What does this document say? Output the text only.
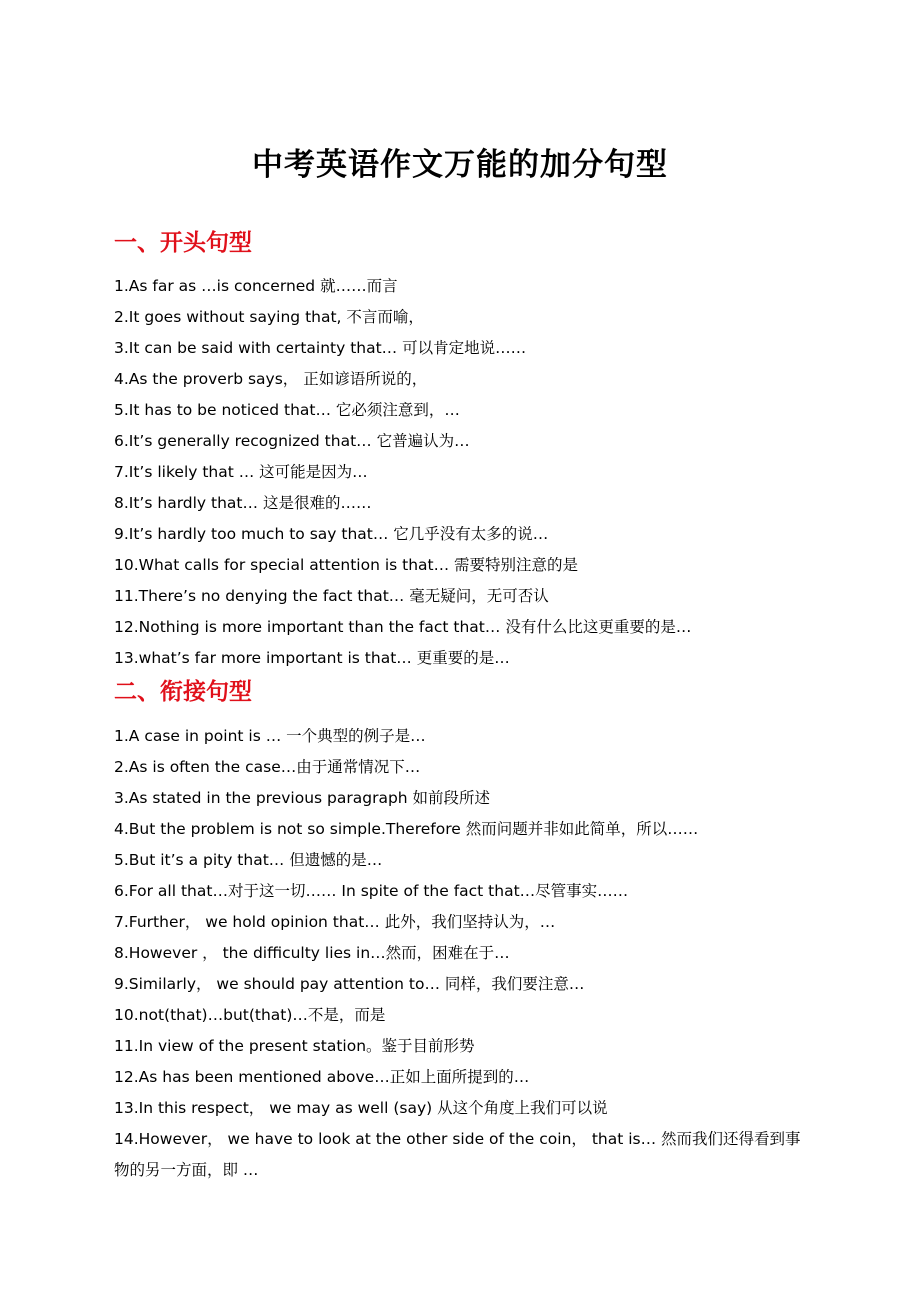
中考英语作文万能的加分句型
一、开头句型
1.As far as …is concerned 就……而言
2.It goes without saying that, 不言而喻，
3.It can be said with certainty that… 可以肯定地说……
4.As the proverb says， 正如谚语所说的，
5.It has to be noticed that… 它必须注意到，…
6.It’s generally recognized that… 它普遍认为…
7.It’s likely that … 这可能是因为…
8.It’s hardly that… 这是很难的……
9.It’s hardly too much to say that… 它几乎没有太多的说…
10.What calls for special attention is that… 需要特别注意的是
11.There’s no denying the fact that… 毫无疑问，无可否认
12.Nothing is more important than the fact that… 没有什么比这更重要的是…
13.what’s far more important is that… 更重要的是…
二、衔接句型
1.A case in point is … 一个典型的例子是…
2.As is often the case…由于通常情况下…
3.As stated in the previous paragraph 如前段所述
4.But the problem is not so simple.Therefore 然而问题并非如此简单，所以……
5.But it’s a pity that… 但遗憾的是…
6.For all that…对于这一切…… In spite of the fact that…尽管事实……
7.Further， we hold opinion that… 此外，我们坚持认为，…
8.However ， the difficulty lies in…然而，困难在于…
9.Similarly， we should pay attention to… 同样，我们要注意…
10.not(that)…but(that)…不是，而是
11.In view of the present station。鉴于目前形势
12.As has been mentioned above…正如上面所提到的…
13.In this respect， we may as well (say) 从这个角度上我们可以说
14.However， we have to look at the other side of the coin， that is… 然而我们还得看到事物的另一方面，即 …
